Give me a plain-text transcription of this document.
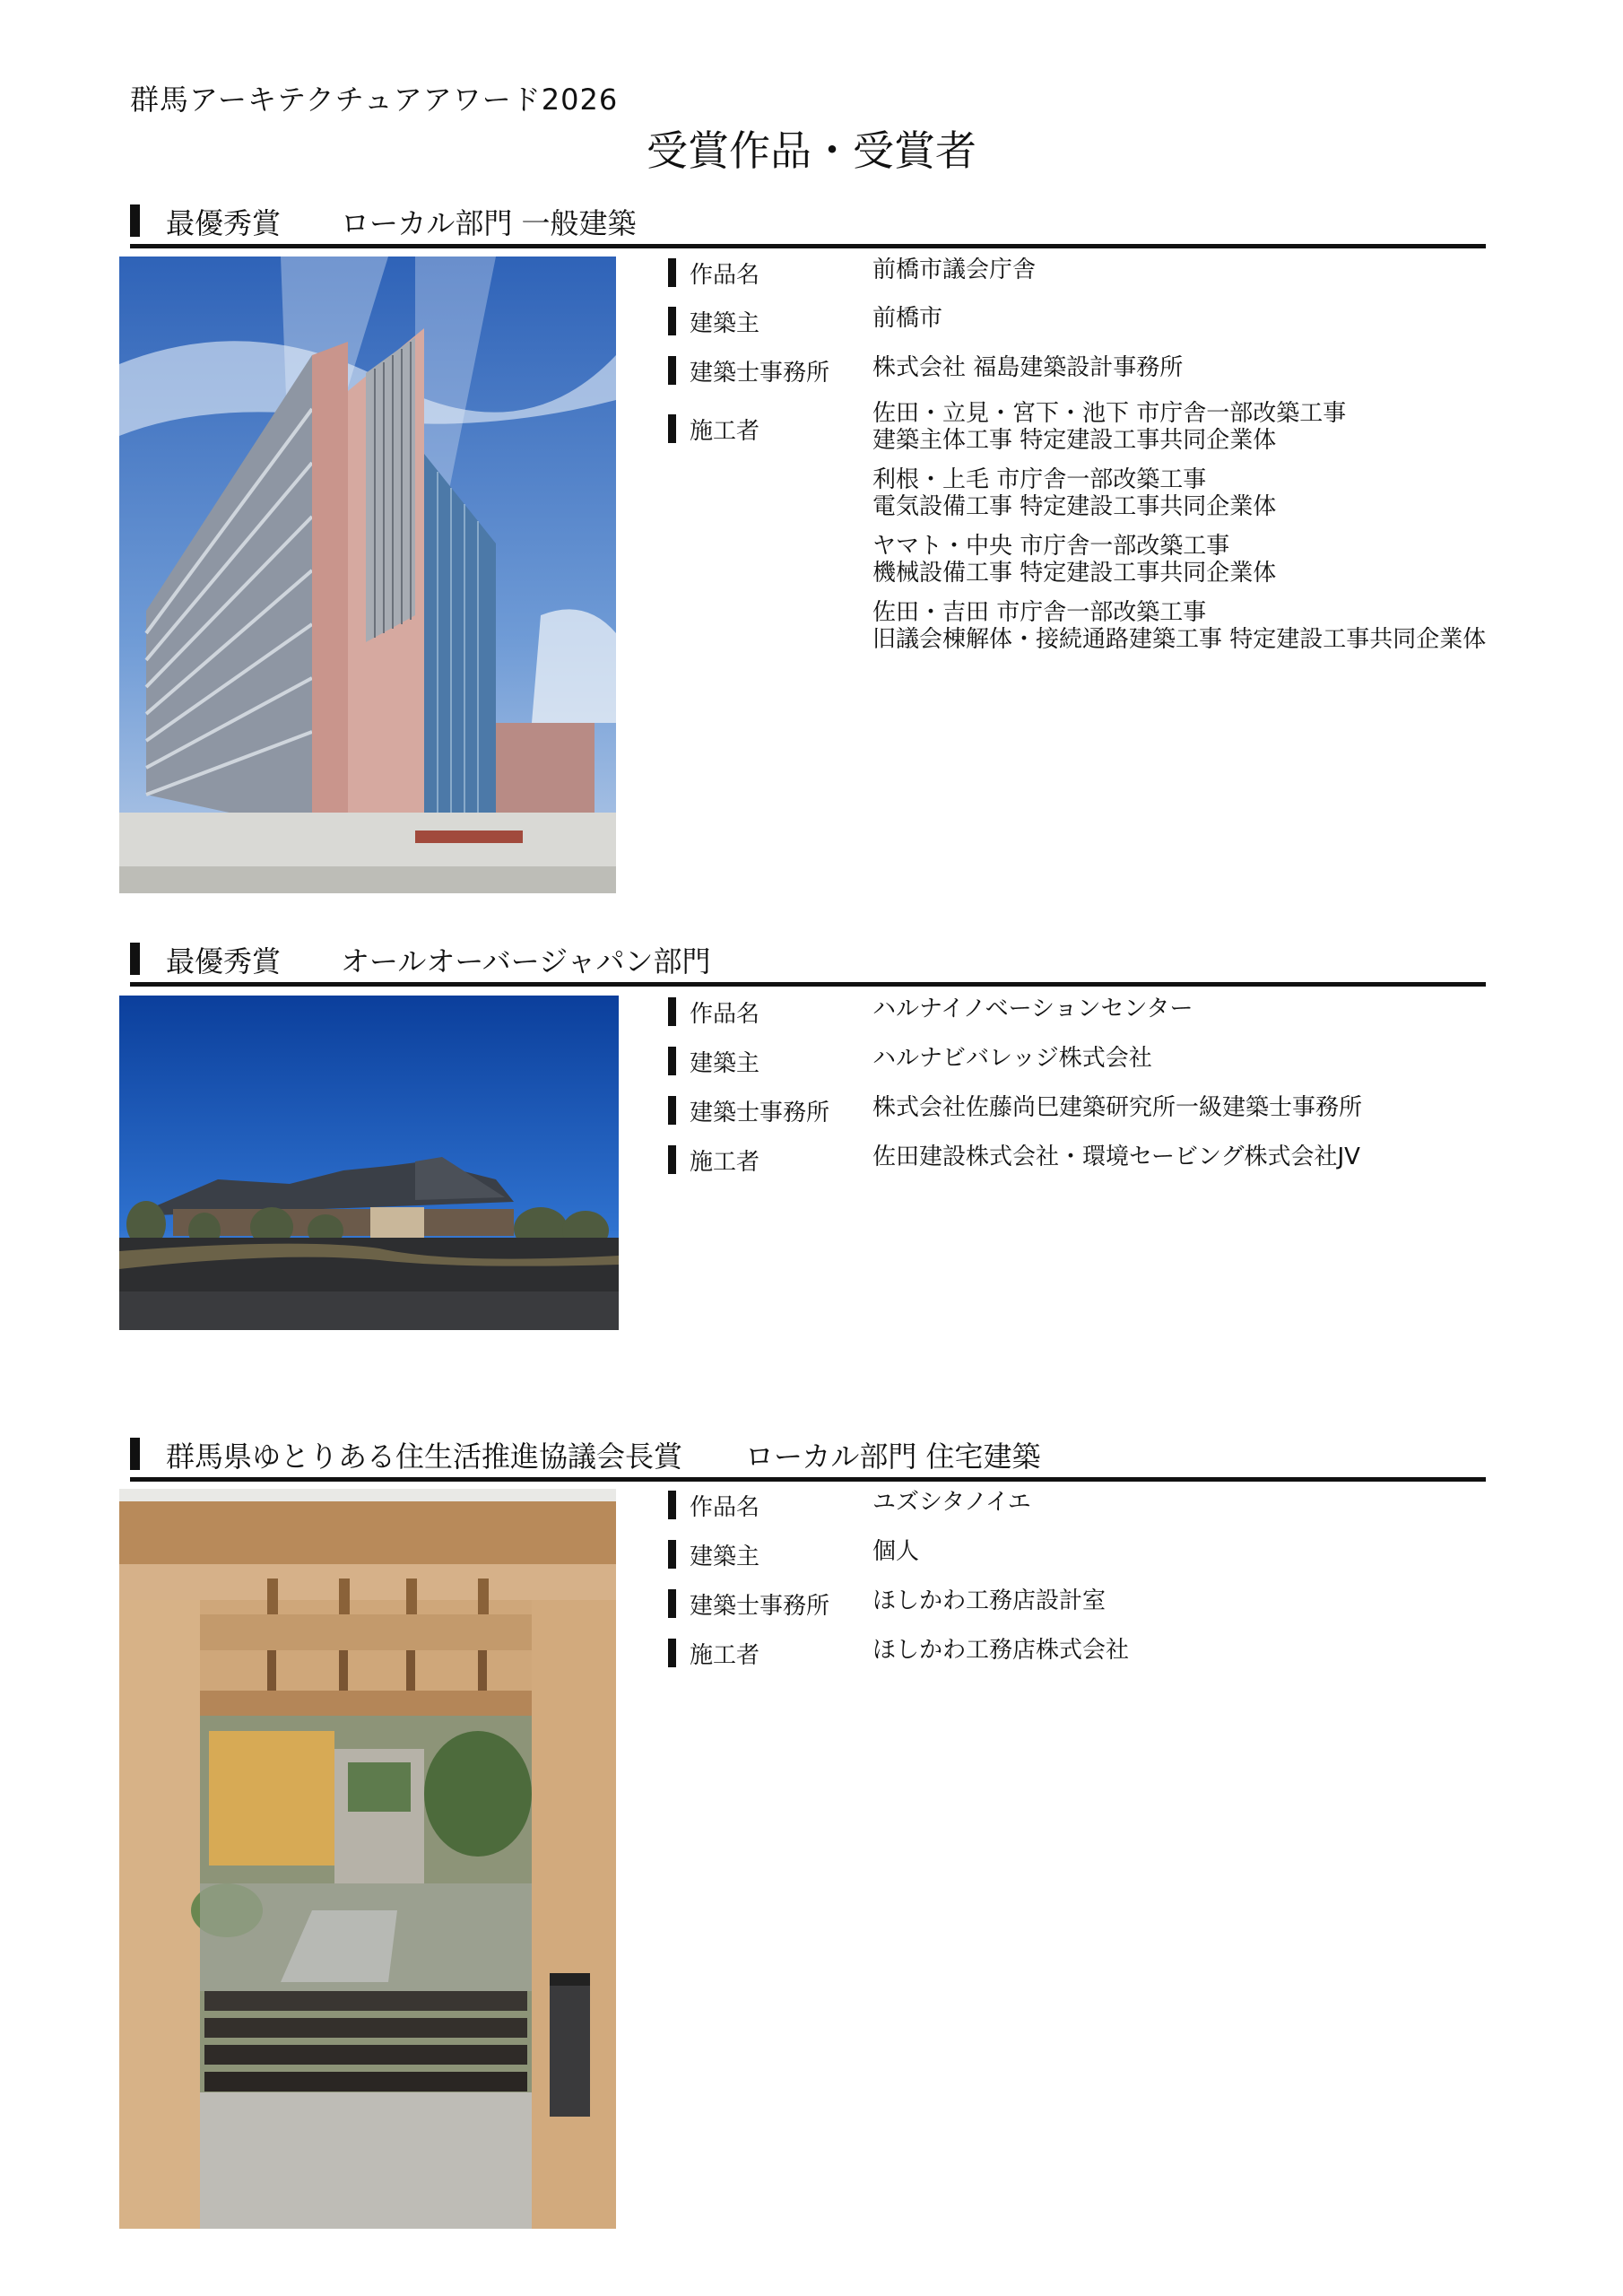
群馬アーキテクチュアアワード2026
受賞作品・受賞者
最優秀賞 ローカル部門 一般建築
作品名	前橋市議会庁舎
建築主	前橋市
建築士事務所 株式会社 福島建築設計事務所
施工者
佐田・立見・宮下・池下 市庁舎一部改築工事
建築主体工事 特定建設工事共同企業体
利根・上毛 市庁舎一部改築工事
電気設備工事 特定建設工事共同企業体
ヤマト・中央 市庁舎一部改築工事
機械設備工事 特定建設工事共同企業体
佐田・吉田 市庁舎一部改築工事
旧議会棟解体・接続通路建築工事 特定建設工事共同企業体
最優秀賞 オールオーバージャパン部門
作品名	ハルナイノベーションセンター
建築主	ハルナビバレッジ株式会社
建築士事務所 株式会社佐藤尚巳建築研究所一級建築士事務所
施工者	佐田建設株式会社・環境セービング株式会社JV
群馬県ゆとりある住生活推進協議会長賞 ローカル部門 住宅建築
作品名	ユズシタノイエ
建築主	個人
建築士事務所 ほしかわ工務店設計室
施工者	ほしかわ工務店株式会社
